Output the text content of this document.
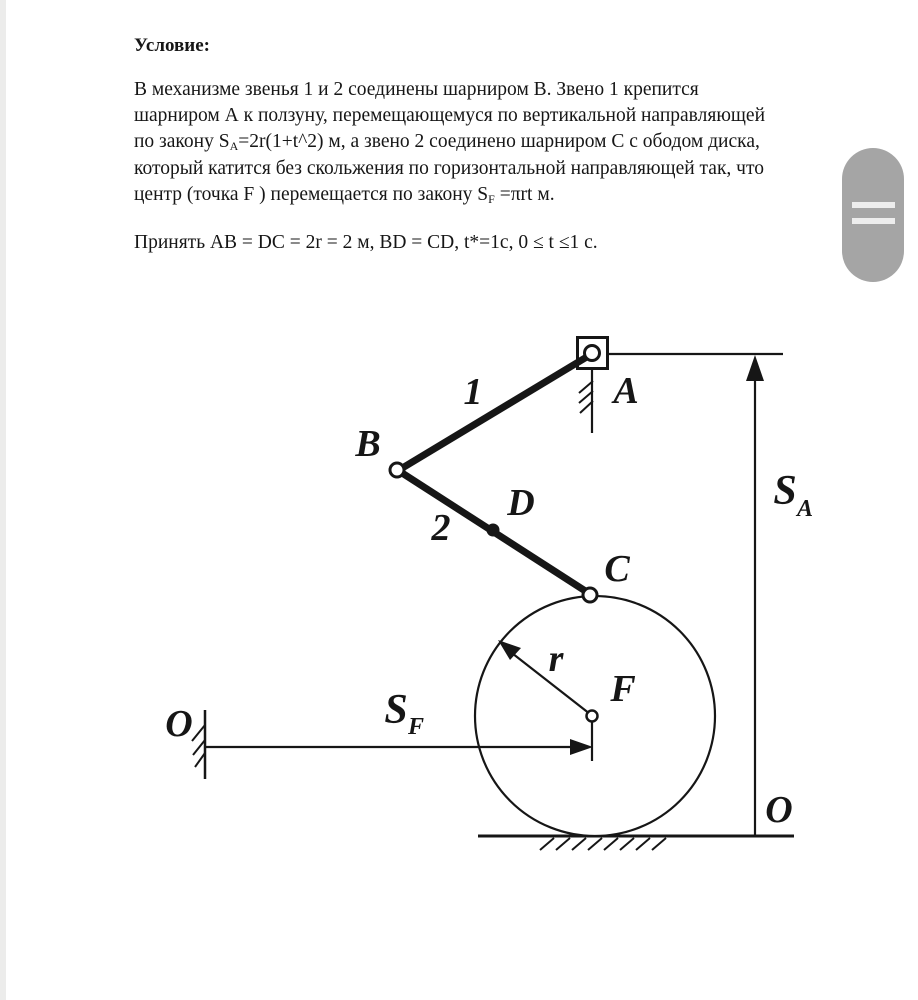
Условие:
В механизме звенья 1 и 2 соединены шарниром В. Звено 1 крепится
шарниром А к ползуну, перемещающемуся по вертикальной направляющей
по закону SА=2r(1+t^2) м, а звено 2 соединено шарниром С с ободом диска,
который катится без скольжения по горизонтальной направляющей так, что
центр (точка F ) перемещается по закону SF =πrt м.
Принять AB = DC = 2r = 2 м, BD = CD, t*=1с, 0 ≤ t ≤1 с.
1
2
A
B
C
D
F
r
O
O
S A
S F
